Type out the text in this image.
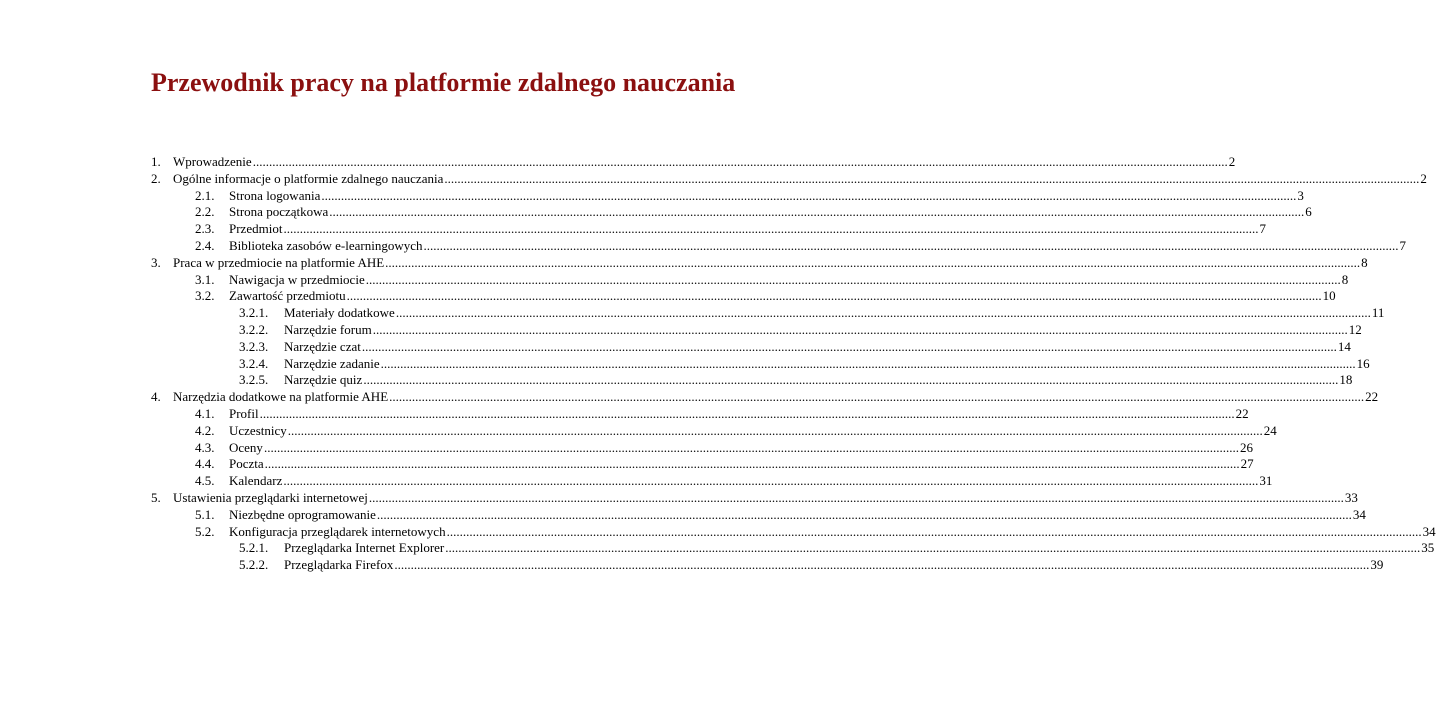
Przewodnik pracy na platformie zdalnego nauczania
1. Wprowadzenie ............................................................................................................................................................................................................................................................................................................ 2
2. Ogólne informacje o platformie zdalnego nauczania ............................................................................................................................................................................................................................................................................................................ 2
2.1.	Strona logowania ............................................................................................................................................................................................................................................................................................................ 3
2.2.	Strona początkowa ............................................................................................................................................................................................................................................................................................................ 6
2.3.	Przedmiot ............................................................................................................................................................................................................................................................................................................ 7
2.4.	Biblioteka zasobów e-learningowych ............................................................................................................................................................................................................................................................................................................ 7
3. Praca w przedmiocie na platformie AHE ............................................................................................................................................................................................................................................................................................................ 8
3.1.	Nawigacja w przedmiocie ............................................................................................................................................................................................................................................................................................................ 8
3.2.	Zawartość przedmiotu ............................................................................................................................................................................................................................................................................................................ 10
3.2.1.	Materiały dodatkowe ............................................................................................................................................................................................................................................................................................................ 11
3.2.2.	Narzędzie forum ............................................................................................................................................................................................................................................................................................................ 12
3.2.3.	Narzędzie czat ............................................................................................................................................................................................................................................................................................................ 14
3.2.4.	Narzędzie zadanie ............................................................................................................................................................................................................................................................................................................ 16
3.2.5.	Narzędzie quiz ............................................................................................................................................................................................................................................................................................................ 18
4. Narzędzia dodatkowe na platformie AHE ............................................................................................................................................................................................................................................................................................................ 22
4.1.	Profil ............................................................................................................................................................................................................................................................................................................ 22
4.2.	Uczestnicy ............................................................................................................................................................................................................................................................................................................ 24
4.3.	Oceny ............................................................................................................................................................................................................................................................................................................ 26
4.4.	Poczta ............................................................................................................................................................................................................................................................................................................ 27
4.5.	Kalendarz ............................................................................................................................................................................................................................................................................................................ 31
5. Ustawienia przeglądarki internetowej ............................................................................................................................................................................................................................................................................................................ 33
5.1.	Niezbędne oprogramowanie ............................................................................................................................................................................................................................................................................................................ 34
5.2.	Konfiguracja przeglądarek internetowych ............................................................................................................................................................................................................................................................................................................ 34
5.2.1.	Przeglądarka Internet Explorer ............................................................................................................................................................................................................................................................................................................ 35
5.2.2.	Przeglądarka Firefox ............................................................................................................................................................................................................................................................................................................ 39
